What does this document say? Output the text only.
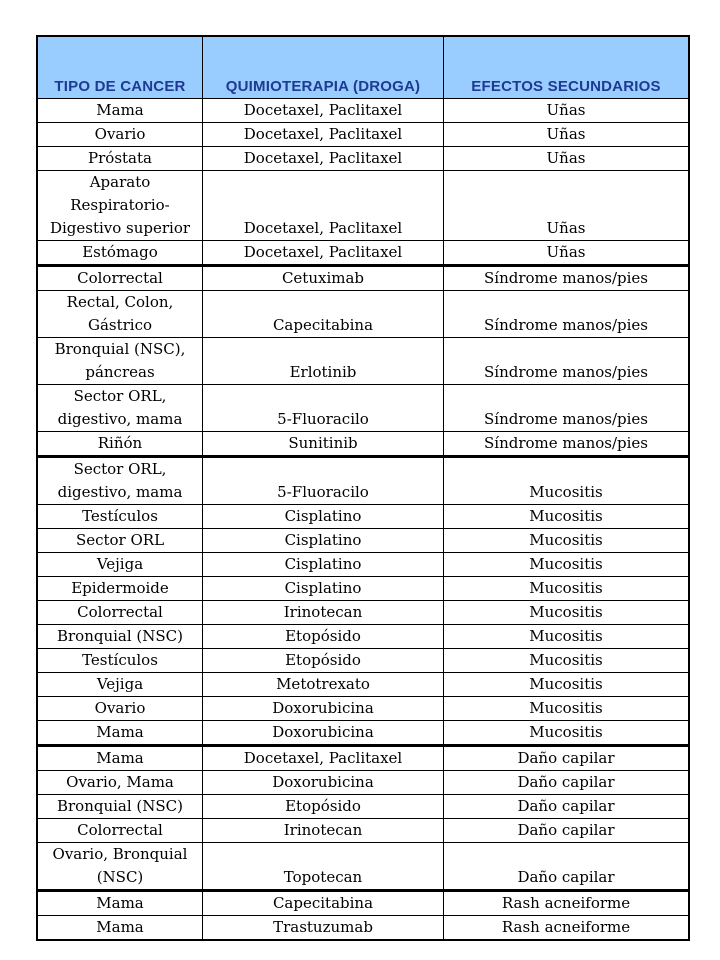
TIPO DE CANCER	QUIMIOTERAPIA (DROGA)	EFECTOS SECUNDARIOS
Mama	Docetaxel, Paclitaxel	Uñas
Ovario	Docetaxel, Paclitaxel	Uñas
Próstata	Docetaxel, Paclitaxel	Uñas
Aparato
Respiratorio-
Digestivo superior	Docetaxel, Paclitaxel	Uñas
Estómago	Docetaxel, Paclitaxel	Uñas
Colorrectal	Cetuximab	Síndrome manos/pies
Rectal, Colon,
Gástrico	Capecitabina	Síndrome manos/pies
Bronquial (NSC),
páncreas	Erlotinib	Síndrome manos/pies
Sector ORL,
digestivo, mama	5-Fluoracilo	Síndrome manos/pies
Riñón	Sunitinib	Síndrome manos/pies
Sector ORL,
digestivo, mama	5-Fluoracilo	Mucositis
Testículos	Cisplatino	Mucositis
Sector ORL	Cisplatino	Mucositis
Vejiga	Cisplatino	Mucositis
Epidermoide	Cisplatino	Mucositis
Colorrectal	Irinotecan	Mucositis
Bronquial (NSC)	Etopósido	Mucositis
Testículos	Etopósido	Mucositis
Vejiga	Metotrexato	Mucositis
Ovario	Doxorubicina	Mucositis
Mama	Doxorubicina	Mucositis
Mama	Docetaxel, Paclitaxel	Daño capilar
Ovario, Mama	Doxorubicina	Daño capilar
Bronquial (NSC)	Etopósido	Daño capilar
Colorrectal	Irinotecan	Daño capilar
Ovario, Bronquial
(NSC)	Topotecan	Daño capilar
Mama	Capecitabina	Rash acneiforme
Mama	Trastuzumab	Rash acneiforme
